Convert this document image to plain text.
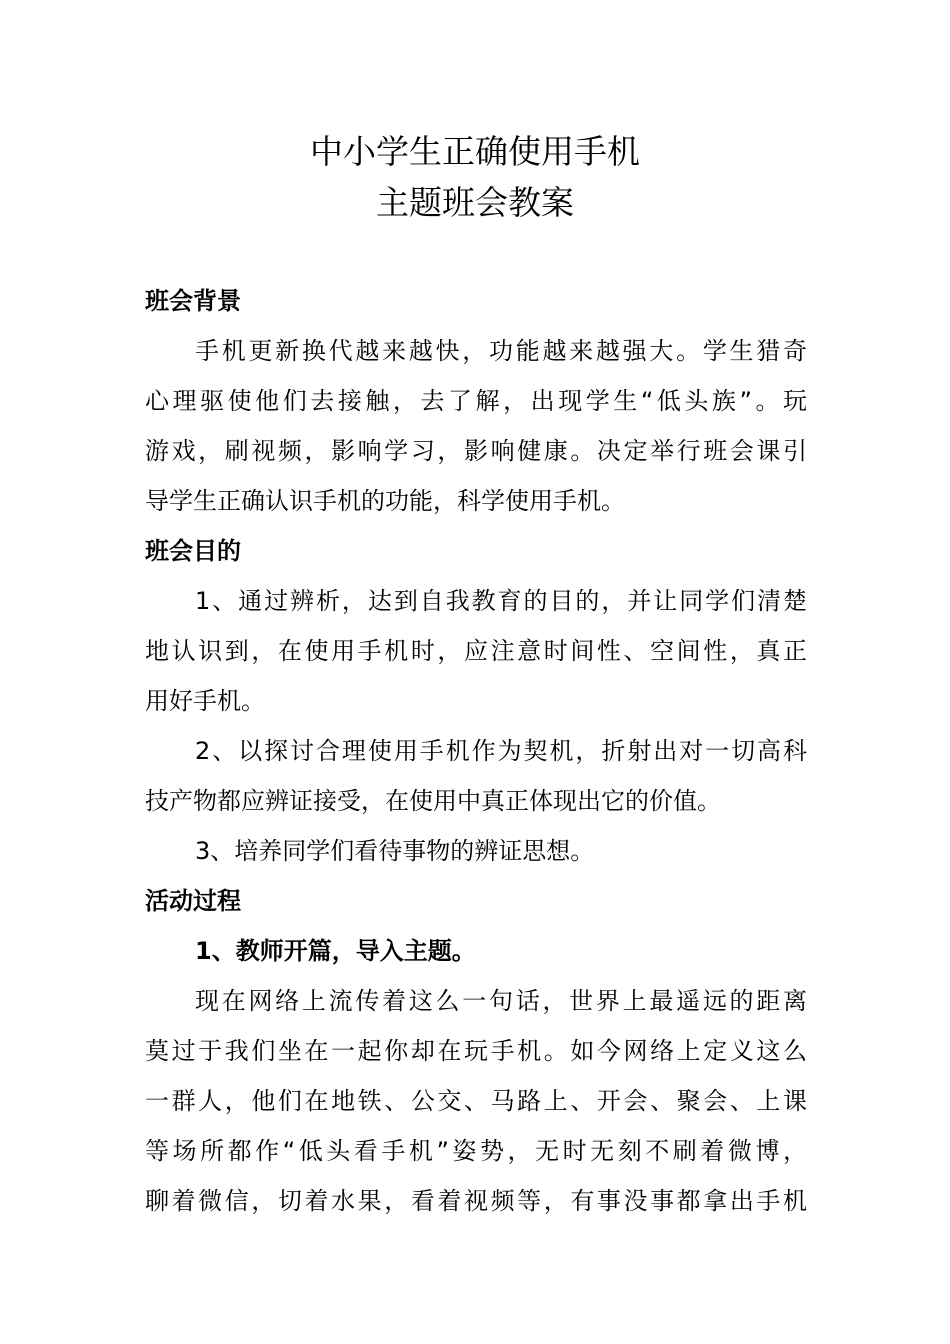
中小学生正确使用手机
主题班会教案
班会背景
手机更新换代越来越快，功能越来越强大。学生猎奇
心理驱使他们去接触，去了解，出现学生“低头族”。玩
游戏，刷视频，影响学习，影响健康。决定举行班会课引
导学生正确认识手机的功能，科学使用手机。
班会目的
1、通过辨析，达到自我教育的目的，并让同学们清楚
地认识到，在使用手机时，应注意时间性、空间性，真正
用好手机。
2、以探讨合理使用手机作为契机，折射出对一切高科
技产物都应辨证接受，在使用中真正体现出它的价值。
3、培养同学们看待事物的辨证思想。
活动过程
1、教师开篇，导入主题。
现在网络上流传着这么一句话，世界上最遥远的距离
莫过于我们坐在一起你却在玩手机。如今网络上定义这么
一群人，他们在地铁、公交、马路上、开会、聚会、上课
等场所都作“低头看手机”姿势，无时无刻不刷着微博，
聊着微信，切着水果，看着视频等，有事没事都拿出手机
